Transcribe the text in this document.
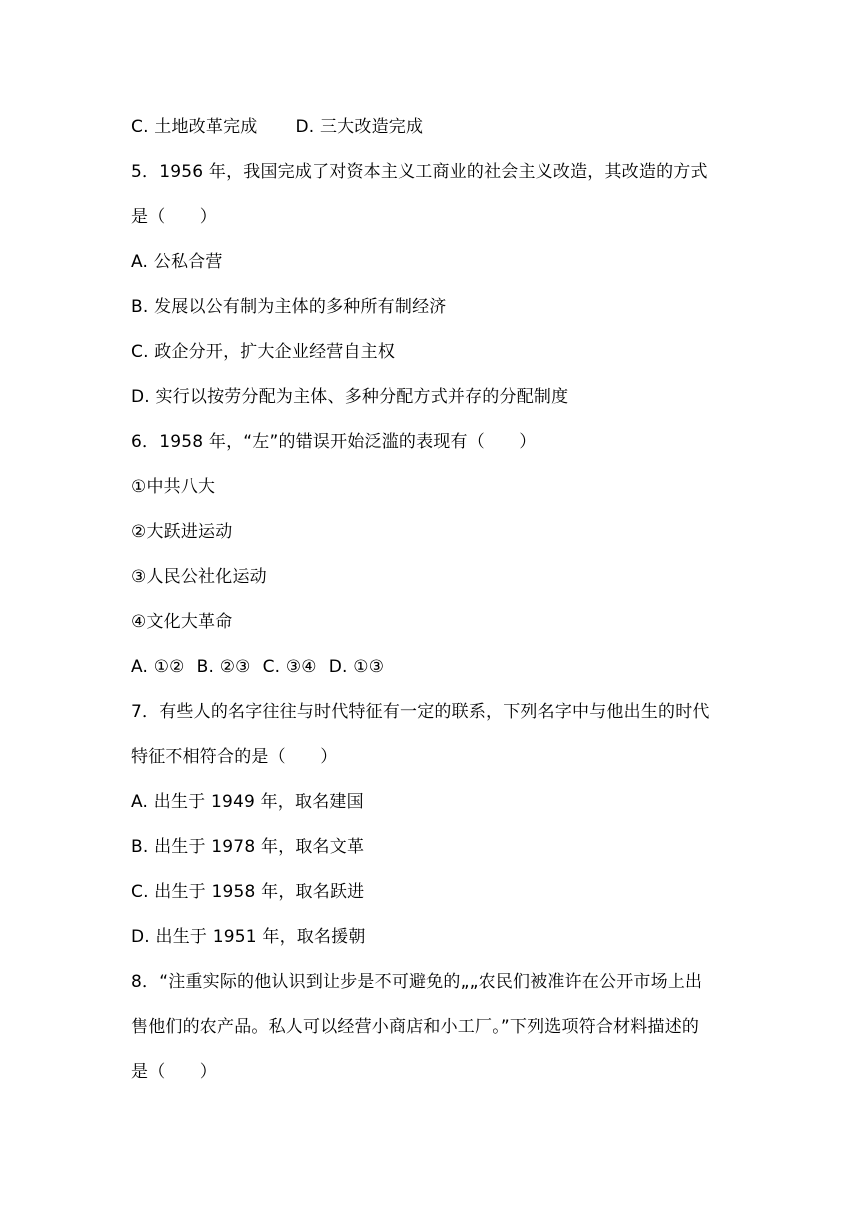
C. 土地改革完成 D. 三大改造完成
5．1956 年，我国完成了对资本主义工商业的社会主义改造，其改造的方式
是（　　）
A. 公私合营
B. 发展以公有制为主体的多种所有制经济
C. 政企分开，扩大企业经营自主权
D. 实行以按劳分配为主体、多种分配方式并存的分配制度
6．1958 年，“左”的错误开始泛滥的表现有（　　）
①中共八大
②大跃进运动
③人民公社化运动
④文化大革命
A. ①② B. ②③ C. ③④ D. ①③
7．有些人的名字往往与时代特征有一定的联系，下列名字中与他出生的时代
特征不相符合的是（　　）
A. 出生于 1949 年，取名建国
B. 出生于 1978 年，取名文革
C. 出生于 1958 年，取名跃进
D. 出生于 1951 年，取名援朝
8．“注重实际的他认识到让步是不可避免的„„农民们被准许在公开市场上出
售他们的农产品。私人可以经营小商店和小工厂。”下列选项符合材料描述的
是（　　）
